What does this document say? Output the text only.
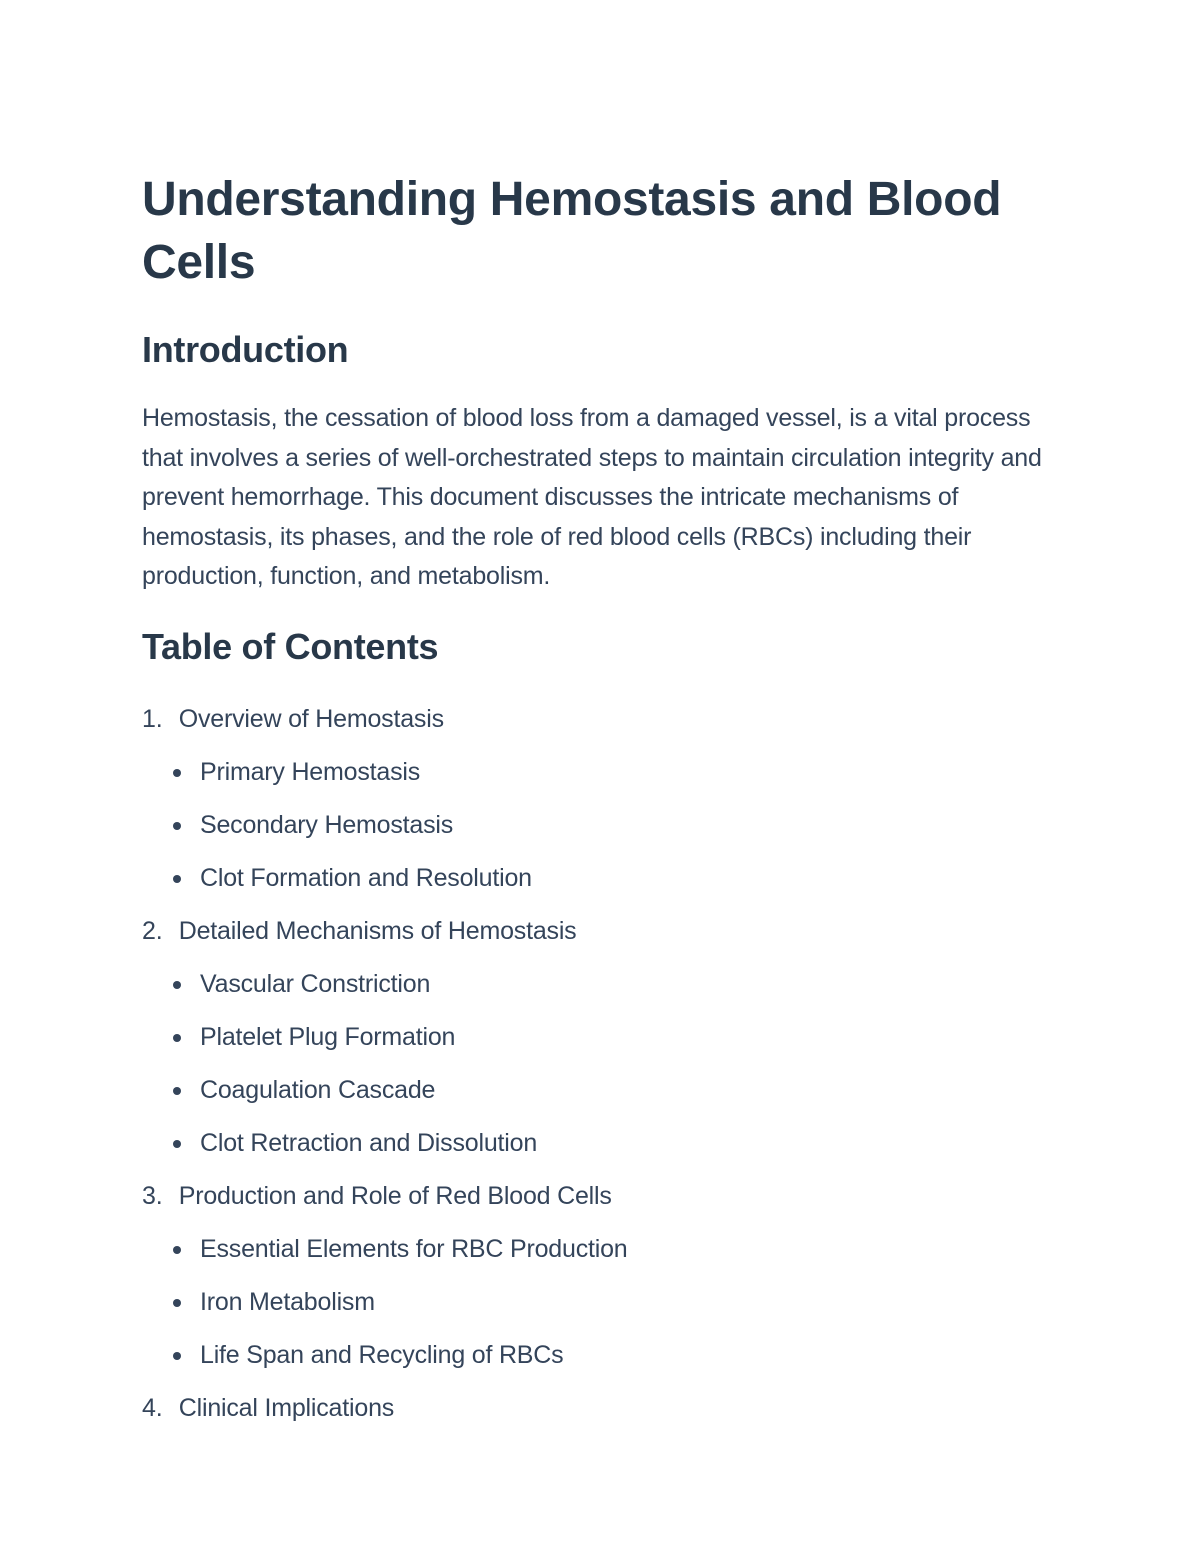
Understanding Hemostasis and Blood Cells
Introduction

Hemostasis, the cessation of blood loss from a damaged vessel, is a vital process that involves a series of well-orchestrated steps to maintain circulation integrity and prevent hemorrhage. This document discusses the intricate mechanisms of hemostasis, its phases, and the role of red blood cells (RBCs) including their production, function, and metabolism.

Table of Contents
1. Overview of Hemostasis
Primary Hemostasis
Secondary Hemostasis
Clot Formation and Resolution
2. Detailed Mechanisms of Hemostasis
Vascular Constriction
Platelet Plug Formation
Coagulation Cascade
Clot Retraction and Dissolution
3. Production and Role of Red Blood Cells
Essential Elements for RBC Production
Iron Metabolism
Life Span and Recycling of RBCs
4. Clinical Implications
